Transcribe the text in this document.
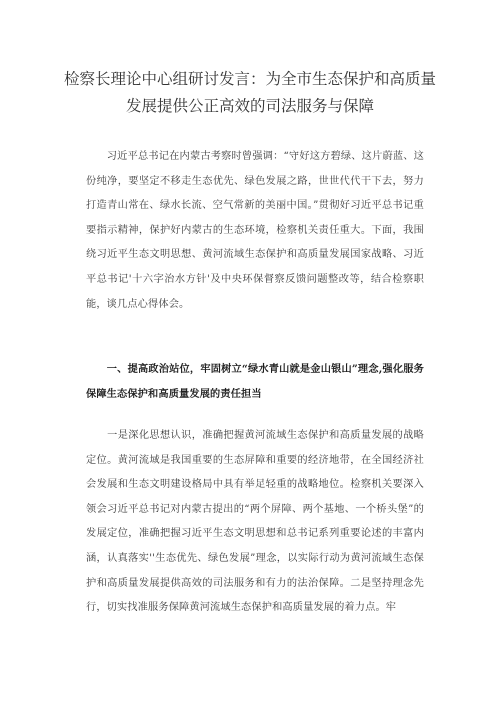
检察长理论中心组研讨发言：为全市生态保护和高质量发展提供公正高效的司法服务与保障

　　习近平总书记在内蒙古考察时曾强调：“守好这方碧绿、这片蔚蓝、这份纯净，要坚定不移走生态优先、绿色发展之路，世世代代干下去，努力打造青山常在、绿水长流、空气常新的美丽中国。”贯彻好习近平总书记重要指示精神，保护好内蒙古的生态环境，检察机关责任重大。下面，我围绕习近平生态文明思想、黄河流域生态保护和高质量发展国家战略、习近平总书记'十六字治水方针'及中央环保督察反馈问题整改等，结合检察职能，谈几点心得体会。

　　一、提高政治站位，牢固树立“绿水青山就是金山银山”理念,强化服务保障生态保护和高质量发展的责任担当

　　一是深化思想认识，准确把握黄河流域生态保护和高质量发展的战略定位。黄河流域是我国重要的生态屏障和重要的经济地带，在全国经济社会发展和生态文明建设格局中具有举足轻重的战略地位。检察机关要深入领会习近平总书记对内蒙古提出的“两个屏障、两个基地、一个桥头堡”的发展定位，准确把握习近平生态文明思想和总书记系列重要论述的丰富内涵，认真落实''生态优先、绿色发展”理念，以实际行动为黄河流域生态保护和高质量发展提供高效的司法服务和有力的法治保障。二是坚持理念先行，切实找准服务保障黄河流域生态保护和高质量发展的着力点。牢
